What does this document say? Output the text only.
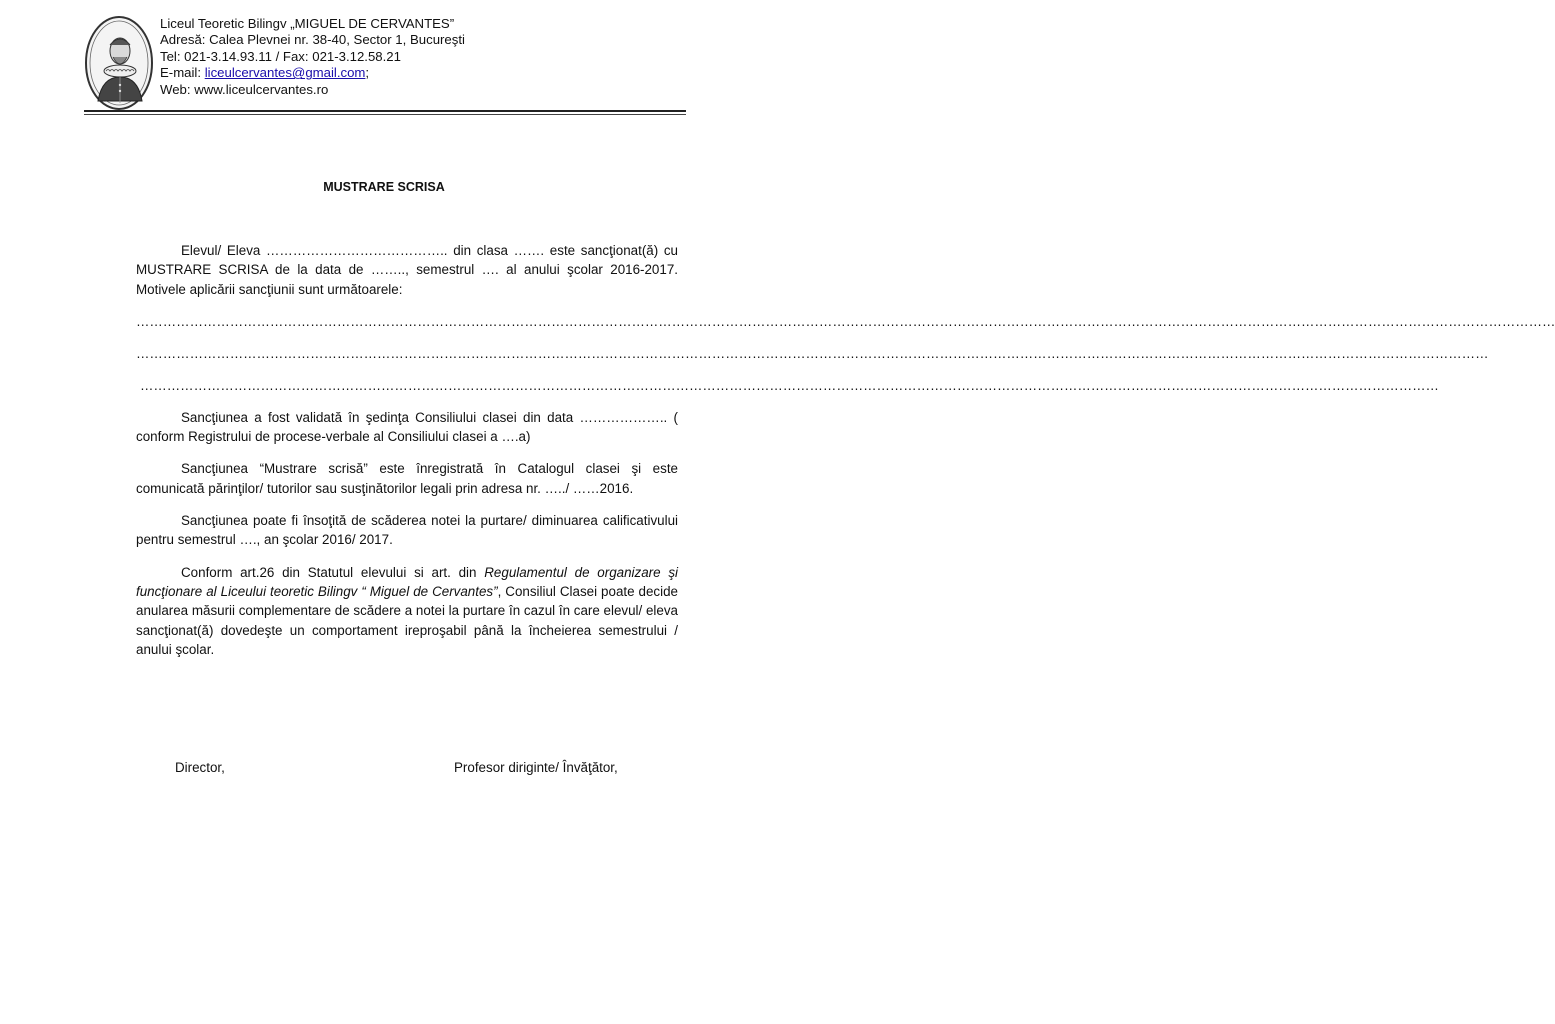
Liceul Teoretic Bilingv „MIGUEL DE CERVANTES”
Adresă: Calea Plevnei nr. 38-40, Sector 1, Bucureşti
Tel: 021-3.14.93.11 / Fax: 021-3.12.58.21
E-mail: liceulcervantes@gmail.com;
Web: www.liceulcervantes.ro
MUSTRARE SCRISA

Elevul/ Eleva ………………………………….. din clasa ……. este sancţionat(ă) cu MUSTRARE SCRISA de la data de …….., semestrul …. al anului şcolar 2016-2017. Motivele aplicării sancţiunii sunt următoarele:

…………………………………………………………………………………………………………………………………………………………………………………………………………………………………………………………………………………………
……………………………………………………………………………………………………………………………………………………………………………………………………………………………………………………………………………
…………………………………………………………………………………………………………………………………………………………………………………………………………………………………………………………………

Sancţiunea a fost validată în şedinţa Consiliului clasei din data ……………….. ( conform Registrului de procese-verbale al Consiliului clasei a ….a)

Sancţiunea “Mustrare scrisă” este înregistrată în Catalogul clasei şi este comunicată părinţilor/ tutorilor sau susţinătorilor legali prin adresa nr. …../ ……2016.

Sancţiunea poate fi însoţită de scăderea notei la purtare/ diminuarea calificativului pentru semestrul …., an şcolar 2016/ 2017.

Conform art.26 din Statutul elevului si art. din Regulamentul de organizare şi funcţionare al Liceului teoretic Bilingv “ Miguel de Cervantes”, Consiliul Clasei poate decide anularea măsurii complementare de scădere a notei la purtare în cazul în care elevul/ eleva sancţionat(ă) dovedeşte un comportament ireproşabil până la încheierea semestrului / anului şcolar.

Director,	Profesor diriginte/ Învăţător,
